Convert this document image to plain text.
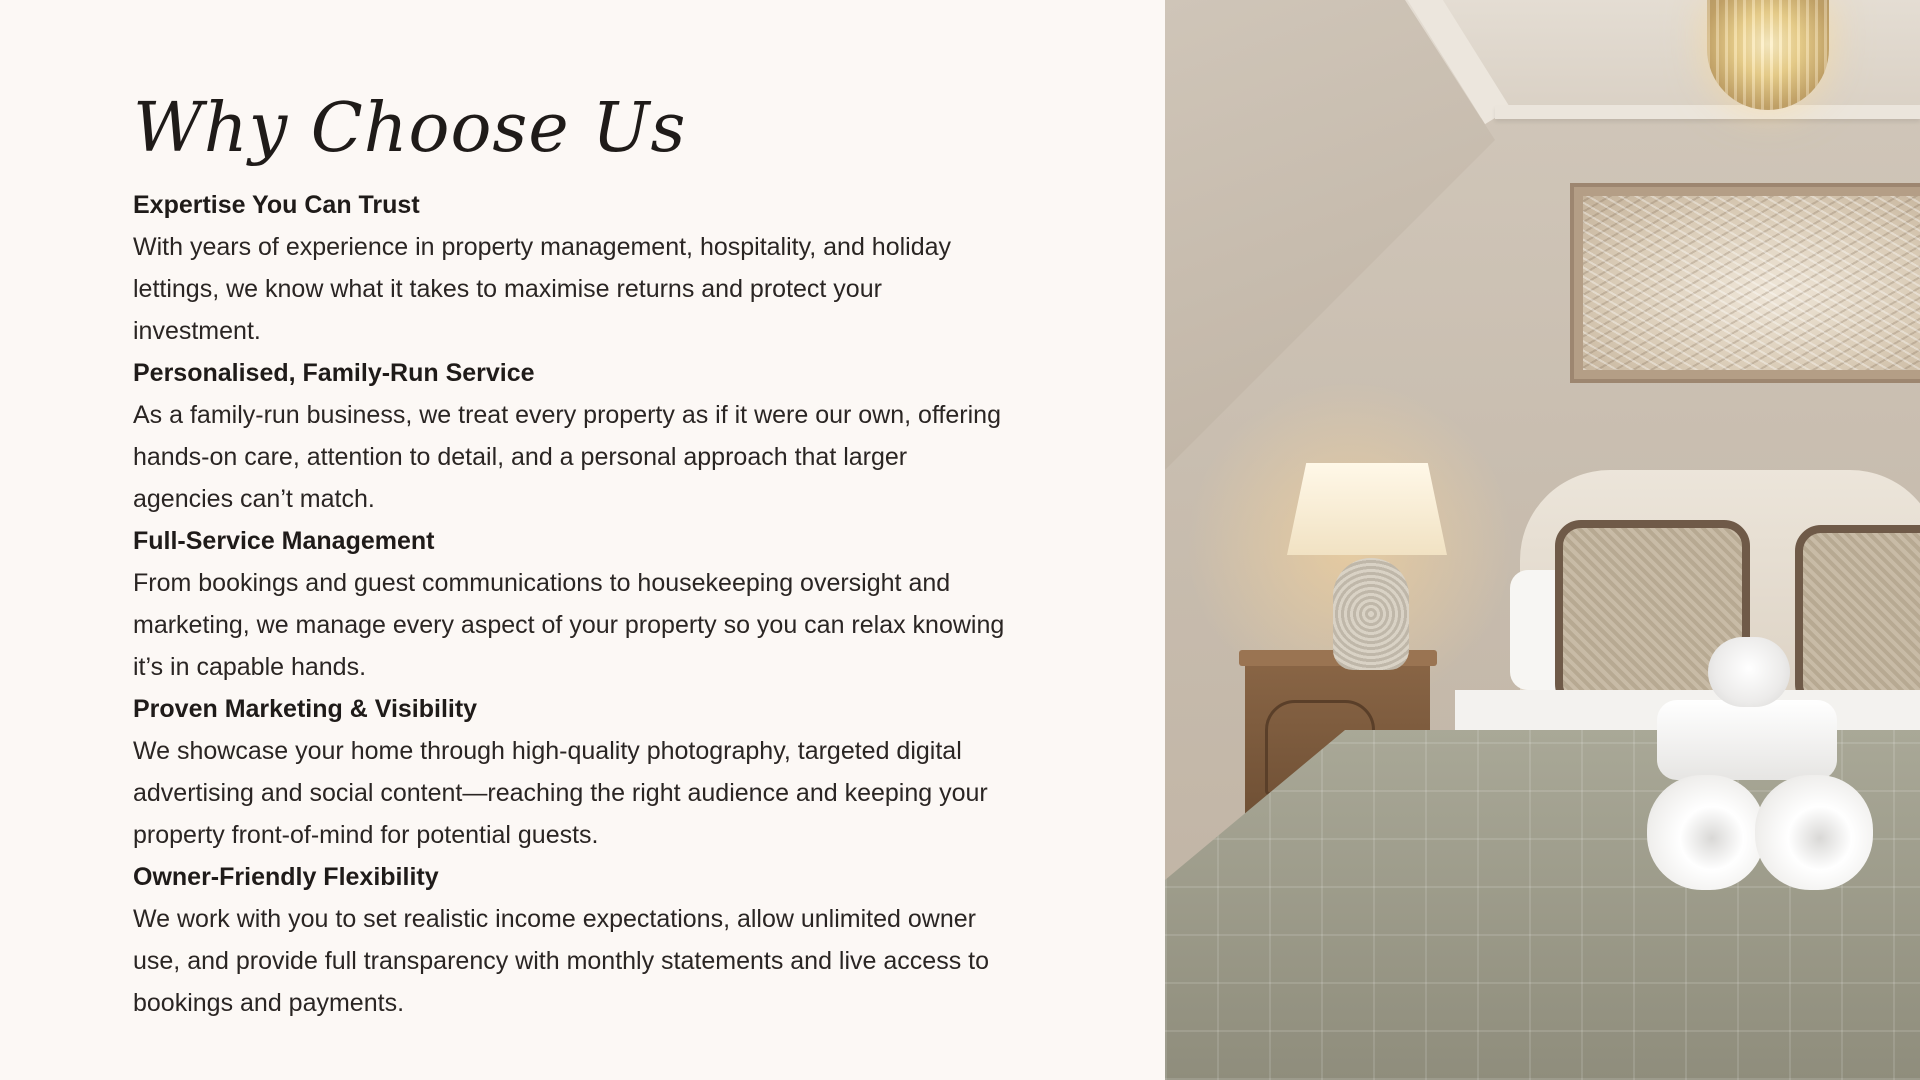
Why Choose Us
Expertise You Can Trust
With years of experience in property management, hospitality, and holiday lettings, we know what it takes to maximise returns and protect your investment.
Personalised, Family-Run Service
As a family-run business, we treat every property as if it were our own, offering hands-on care, attention to detail, and a personal approach that larger agencies can’t match.
Full-Service Management
From bookings and guest communications to housekeeping oversight and marketing, we manage every aspect of your property so you can relax knowing it’s in capable hands.
Proven Marketing & Visibility
We showcase your home through high-quality photography, targeted digital advertising and social content—reaching the right audience and keeping your property front-of-mind for potential guests.
Owner-Friendly Flexibility
We work with you to set realistic income expectations, allow unlimited owner use, and provide full transparency with monthly statements and live access to bookings and payments.
